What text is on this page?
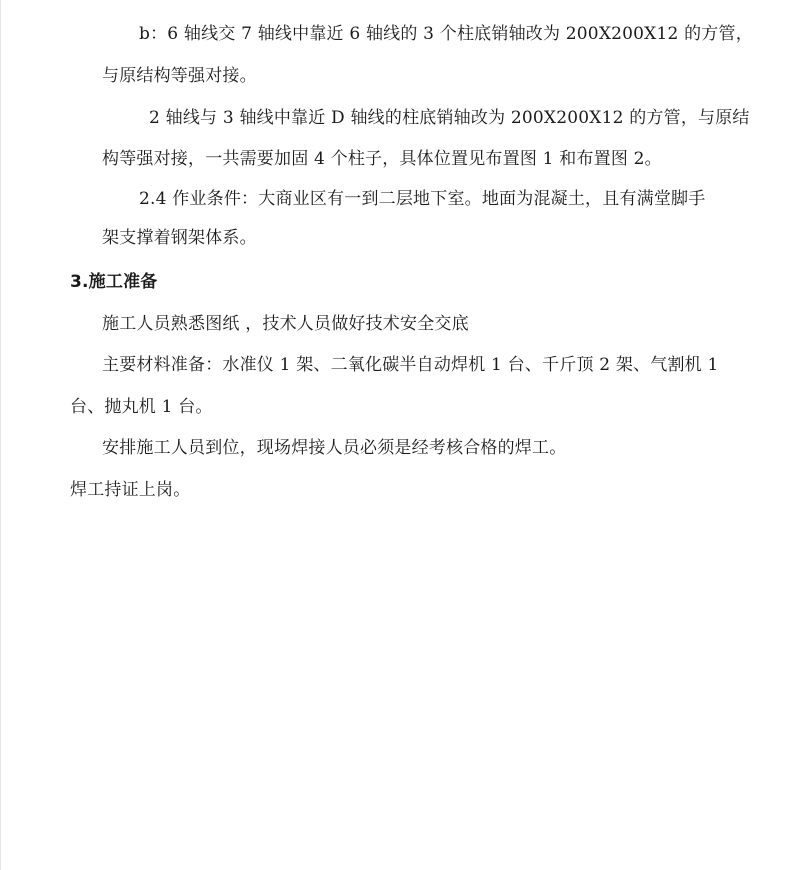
b：6 轴线交 7 轴线中靠近 6 轴线的 3 个柱底销轴改为 200X200X12 的方管，
与原结构等强对接。
2 轴线与 3 轴线中靠近 D 轴线的柱底销轴改为 200X200X12 的方管，与原结
构等强对接，一共需要加固 4 个柱子，具体位置见布置图 1 和布置图 2。
2.4 作业条件：大商业区有一到二层地下室。地面为混凝土，且有满堂脚手
架支撑着钢架体系。
3.施工准备
施工人员熟悉图纸 ，技术人员做好技术安全交底
主要材料准备：水准仪 1 架、二氧化碳半自动焊机 1 台、千斤顶 2 架、气割机 1
台、抛丸机 1 台。
安排施工人员到位，现场焊接人员必须是经考核合格的焊工。
焊工持证上岗。
